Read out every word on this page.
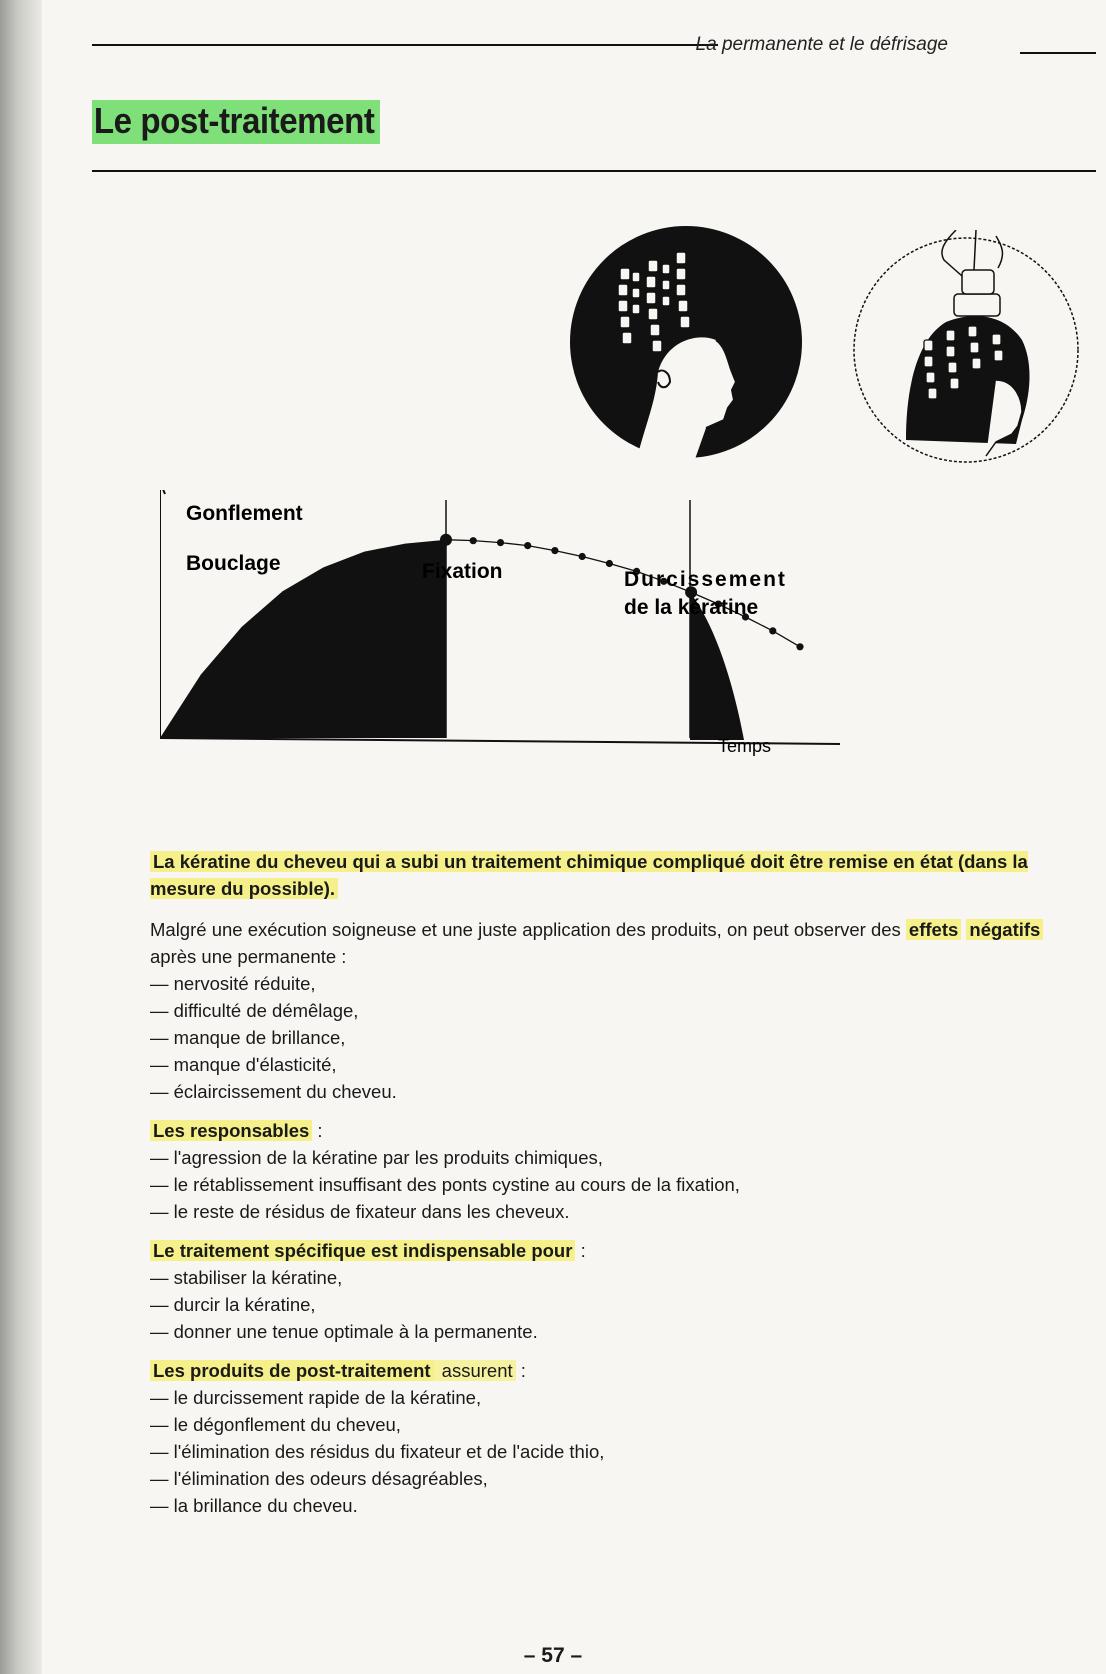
La permanente et le défrisage
Le post-traitement
Gonflement
Bouclage	Fixation	Durcissement
de la kératine
Temps

La kératine du cheveu qui a subi un traitement chimique compliqué doit être remise en état (dans la mesure du possible).

Malgré une exécution soigneuse et une juste application des produits, on peut observer des effets négatifs après une permanente :

— nervosité réduite,
— difficulté de démêlage,
— manque de brillance,
— manque d'élasticité,
— éclaircissement du cheveu.

Les responsables :

— l'agression de la kératine par les produits chimiques,
— le rétablissement insuffisant des ponts cystine au cours de la fixation,
— le reste de résidus de fixateur dans les cheveux.

Le traitement spécifique est indispensable pour :

— stabiliser la kératine,
— durcir la kératine,
— donner une tenue optimale à la permanente.

Les produits de post-traitement assurent :

— le durcissement rapide de la kératine,
— le dégonflement du cheveu,
— l'élimination des résidus du fixateur et de l'acide thio,
— l'élimination des odeurs désagréables,
— la brillance du cheveu.
– 57 –
